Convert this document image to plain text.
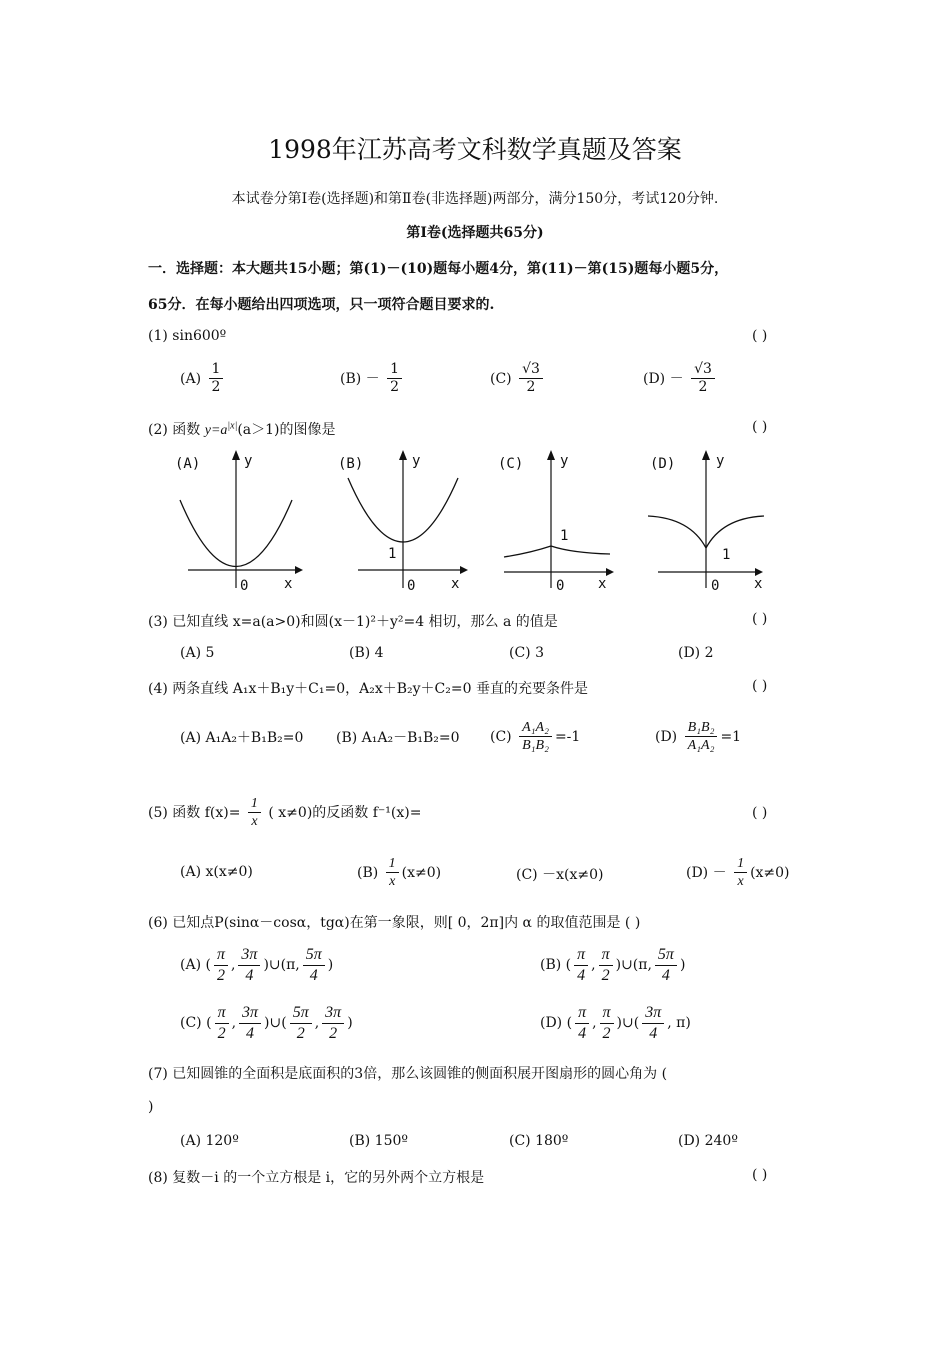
1998年江苏高考文科数学真题及答案
本试卷分第Ⅰ卷(选择题)和第Ⅱ卷(非选择题)两部分，满分150分，考试120分钟.
第Ⅰ卷(选择题共65分)
一．选择题：本大题共15小题；第(1)－(10)题每小题4分，第(11)－第(15)题每小题5分，
65分．在每小题给出四项选项，只一项符合题目要求的.
(1) sin600º	( )
$(A) \frac{1}{2}$	$(B) - \frac{1}{2}$	$(C) \frac{√3}{2}$	$(D) - \frac{√3}{2}$
(2) 函数 $y=a^{|x|}(a>1)$的图像是	( )
(A)	y
x
0
(B)	y
1
x
0
(C)	y
1
x
0
(D)	y
1
x
0
(3) 已知直线 x=a(a>0)和圆(x－1)²＋y²=4 相切，那么 a 的值是	( )
(A) 5	(B) 4	(C) 3	(D) 2
(4) 两条直线 A₁x＋B₁y＋C₁=0，A₂x＋B₂y＋C₂=0 垂直的充要条件是	( )
(A) A₁A₂＋B₁B₂=0 (B) A₁A₂－B₁B₂=0 $(C) \frac{\text{A₁A₂}}{\text{B₁B₂}} =-1$	$(D) \frac{\text{B₁B₂}}{\text{A₁A₂}} =1$
(5) 函数 $f(x)= \frac{1}{x}$ ( x≠0)的反函数 f⁻¹(x)=	( )
(A) x(x≠0)	$(B) \frac{1}{x} (x\ne 0)$	(C) －x(x≠0)	$(D) - \frac{1}{x} (x\ne 0)$
(6) 已知点P(sinα－cosα，tgα)在第一象限，则[ 0，2π]内 α 的取值范围是 ( )
(A) ( $\frac{\pi}{2}$ , $\frac{3\pi}{4}$ )∪(π, $\frac{5\pi}{4}$ )	(B) ( $\frac{\pi}{4}$ , $\frac{\pi}{2}$ )∪(π, $\frac{5\pi}{4}$ )
(C) ( $\frac{\pi}{2}$ , $\frac{3\pi}{4}$ )∪( $\frac{5\pi}{2}$ , $\frac{3\pi}{2}$ )	(D) ( $\frac{\pi}{4}$ , $\frac{\pi}{2}$ )∪( $\frac{3\pi}{4}$ , π)
(7) 已知圆锥的全面积是底面积的3倍，那么该圆锥的侧面积展开图扇形的圆心角为 (
)
(A) 120º	(B) 150º	(C) 180º	(D) 240º
(8) 复数－i 的一个立方根是 i，它的另外两个立方根是	( )
